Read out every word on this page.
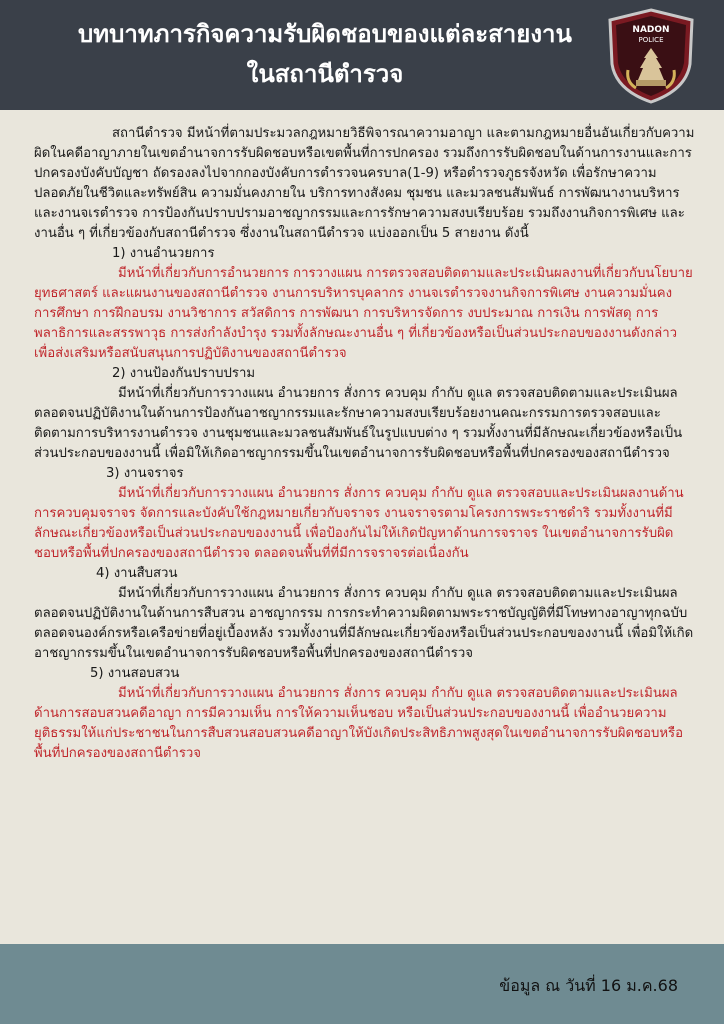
บทบาทภารกิจความรับผิดชอบของแต่ละสายงาน
ในสถานีตำรวจ
NADON
POLICE

สถานีตำรวจ มีหน้าที่ตามประมวลกฎหมายวิธีพิจารณาความอาญา และตามกฎหมายอื่นอันเกี่ยวกับความผิดในคดีอาญาภายในเขตอำนาจการรับผิดชอบหรือเขตพื้นที่การปกครอง รวมถึงการรับผิดชอบในด้านการงานและการปกครองบังคับบัญชา ถัดรองลงไปจากกองบังคับการตำรวจนครบาล(1-9) หรือตำรวจภูธรจังหวัด เพื่อรักษาความปลอดภัยในชีวิตและทรัพย์สิน ความมั่นคงภายใน บริการทางสังคม ชุมชน และมวลชนสัมพันธ์ การพัฒนางานบริหารและงานจเรตำรวจ การป้องกันปราบปรามอาชญากรรมและการรักษาความสงบเรียบร้อย รวมถึงงานกิจการพิเศษ และงานอื่น ๆ ที่เกี่ยวข้องกับสถานีตำรวจ ซึ่งงานในสถานีตำรวจ แบ่งออกเป็น 5 สายงาน ดังนี้

1) งานอำนวยการ

มีหน้าที่เกี่ยวกับการอำนวยการ การวางแผน การตรวจสอบติดตามและประเมินผลงานที่เกี่ยวกับนโยบาย ยุทธศาสตร์ และแผนงานของสถานีตำรวจ งานการบริหารบุคลากร งานจเรตำรวจงานกิจการพิเศษ งานความมั่นคง การศึกษา การฝึกอบรม งานวิชาการ สวัสดิการ การพัฒนา การบริหารจัดการ งบประมาณ การเงิน การพัสดุ การพลาธิการและสรรพาวุธ การส่งกำลังบำรุง รวมทั้งลักษณะงานอื่น ๆ ที่เกี่ยวข้องหรือเป็นส่วนประกอบของงานดังกล่าว เพื่อส่งเสริมหรือสนับสนุนการปฏิบัติงานของสถานีตำรวจ

2) งานป้องกันปราบปราม

มีหน้าที่เกี่ยวกับการวางแผน อำนวยการ สั่งการ ควบคุม กำกับ ดูแล ตรวจสอบติดตามและประเมินผล ตลอดจนปฏิบัติงานในด้านการป้องกันอาชญากรรมและรักษาความสงบเรียบร้อยงานคณะกรรมการตรวจสอบและติดตามการบริหารงานตำรวจ งานชุมชนและมวลชนสัมพันธ์ในรูปแบบต่าง ๆ รวมทั้งงานที่มีลักษณะเกี่ยวข้องหรือเป็นส่วนประกอบของงานนี้ เพื่อมิให้เกิดอาชญากรรมขึ้นในเขตอำนาจการรับผิดชอบหรือพื้นที่ปกครองของสถานีตำรวจ

3) งานจราจร

มีหน้าที่เกี่ยวกับการวางแผน อำนวยการ สั่งการ ควบคุม กำกับ ดูแล ตรวจสอบและประเมินผลงานด้านการควบคุมจราจร จัดการและบังคับใช้กฎหมายเกี่ยวกับจราจร งานจราจรตามโครงการพระราชดำริ รวมทั้งงานที่มีลักษณะเกี่ยวข้องหรือเป็นส่วนประกอบของงานนี้ เพื่อป้องกันไม่ให้เกิดปัญหาด้านการจราจร ในเขตอำนาจการรับผิดชอบหรือพื้นที่ปกครองของสถานีตำรวจ ตลอดจนพื้นที่ที่มีการจราจรต่อเนื่องกัน

4) งานสืบสวน

มีหน้าที่เกี่ยวกับการวางแผน อำนวยการ สั่งการ ควบคุม กำกับ ดูแล ตรวจสอบติดตามและประเมินผล ตลอดจนปฏิบัติงานในด้านการสืบสวน อาชญากรรม การกระทำความผิดตามพระราชบัญญัติที่มีโทษทางอาญาทุกฉบับ ตลอดจนองค์กรหรือเครือข่ายที่อยู่เบื้องหลัง รวมทั้งงานที่มีลักษณะเกี่ยวข้องหรือเป็นส่วนประกอบของงานนี้ เพื่อมิให้เกิดอาชญากรรมขึ้นในเขตอำนาจการรับผิดชอบหรือพื้นที่ปกครองของสถานีตำรวจ

5) งานสอบสวน

มีหน้าที่เกี่ยวกับการวางแผน อำนวยการ สั่งการ ควบคุม กำกับ ดูแล ตรวจสอบติดตามและประเมินผลด้านการสอบสวนคดีอาญา การมีความเห็น การให้ความเห็นชอบ หรือเป็นส่วนประกอบของงานนี้ เพื่ออำนวยความยุติธรรมให้แก่ประชาชนในการสืบสวนสอบสวนคดีอาญาให้บังเกิดประสิทธิภาพสูงสุดในเขตอำนาจการรับผิดชอบหรือพื้นที่ปกครองของสถานีตำรวจ

ข้อมูล ณ วันที่ 16 ม.ค.68
